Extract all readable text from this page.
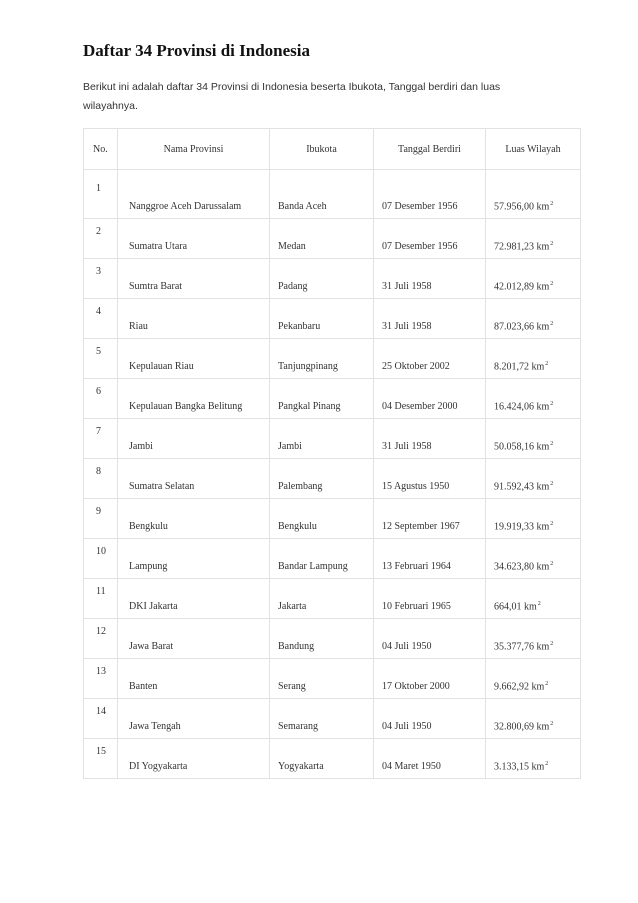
Daftar 34 Provinsi di Indonesia

Berikut ini adalah daftar 34 Provinsi di Indonesia beserta Ibukota, Tanggal berdiri dan luas wilayahnya.

No.	Nama Provinsi	Ibukota	Tanggal Berdiri	Luas Wilayah
1	Nanggroe Aceh Darussalam	Banda Aceh	07 Desember 1956	57.956,00 $km^2$
2	Sumatra Utara	Medan	07 Desember 1956	72.981,23 $km^2$
3	Sumtra Barat	Padang	31 Juli 1958	42.012,89 $km^2$
4	Riau	Pekanbaru	31 Juli 1958	87.023,66 $km^2$
5	Kepulauan Riau	Tanjungpinang	25 Oktober 2002	8.201,72 $km^2$
6	Kepulauan Bangka Belitung	Pangkal Pinang	04 Desember 2000	16.424,06 $km^2$
7	Jambi	Jambi	31 Juli 1958	50.058,16 $km^2$
8	Sumatra Selatan	Palembang	15 Agustus 1950	91.592,43 $km^2$
9	Bengkulu	Bengkulu	12 September 1967	19.919,33 $km^2$
10	Lampung	Bandar Lampung	13 Februari 1964	34.623,80 $km^2$
11	DKI Jakarta	Jakarta	10 Februari 1965	664,01 $km^2$
12	Jawa Barat	Bandung	04 Juli 1950	35.377,76 $km^2$
13	Banten	Serang	17 Oktober 2000	9.662,92 $km^2$
14	Jawa Tengah	Semarang	04 Juli 1950	32.800,69 $km^2$
15	DI Yogyakarta	Yogyakarta	04 Maret 1950	3.133,15 $km^2$
